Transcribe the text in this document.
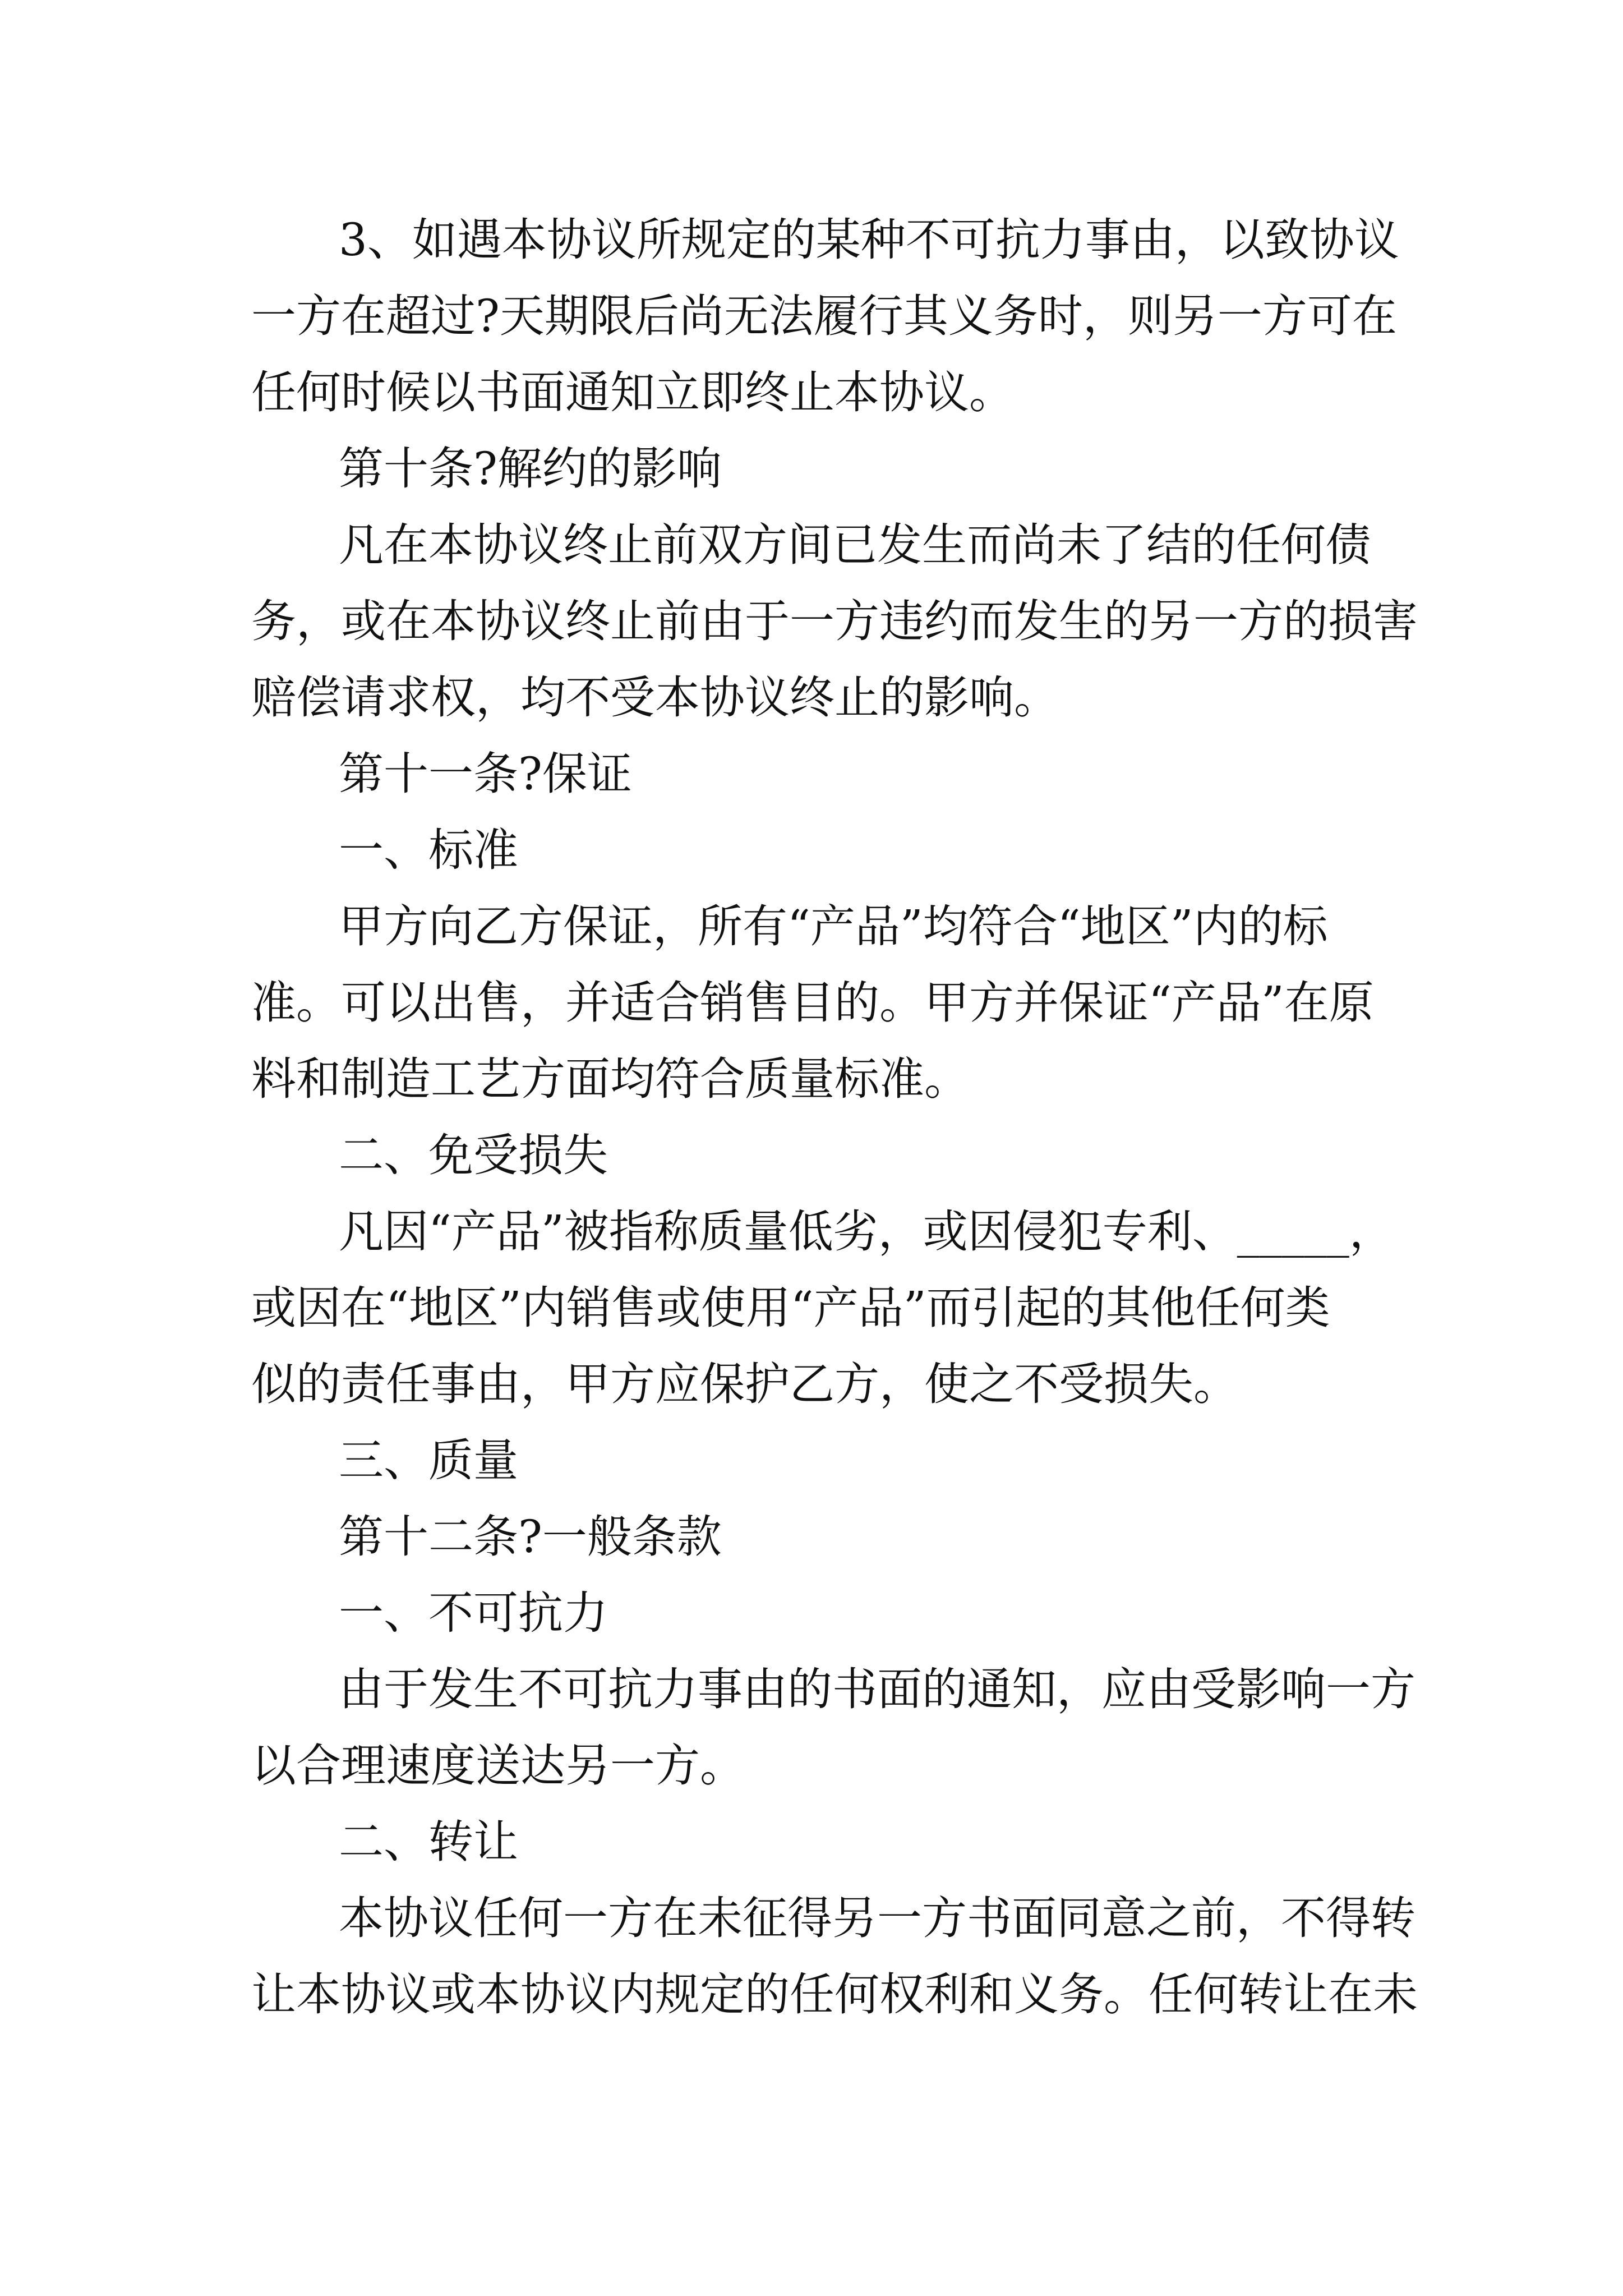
3、如遇本协议所规定的某种不可抗力事由，以致协议
一方在超过?天期限后尚无法履行其义务时，则另一方可在
任何时候以书面通知立即终止本协议。
第十条?解约的影响
凡在本协议终止前双方间已发生而尚未了结的任何债
务，或在本协议终止前由于一方违约而发生的另一方的损害
赔偿请求权，均不受本协议终止的影响。
第十一条?保证
一、标准
甲方向乙方保证，所有“产品”均符合“地区”内的标
准。可以出售，并适合销售目的。甲方并保证“产品”在原
料和制造工艺方面均符合质量标准。
二、免受损失
凡因“产品”被指称质量低劣，或因侵犯专利、_____，
或因在“地区”内销售或使用“产品”而引起的其他任何类
似的责任事由，甲方应保护乙方，使之不受损失。
三、质量
第十二条?一般条款
一、不可抗力
由于发生不可抗力事由的书面的通知，应由受影响一方
以合理速度送达另一方。
二、转让
本协议任何一方在未征得另一方书面同意之前，不得转
让本协议或本协议内规定的任何权利和义务。任何转让在未
